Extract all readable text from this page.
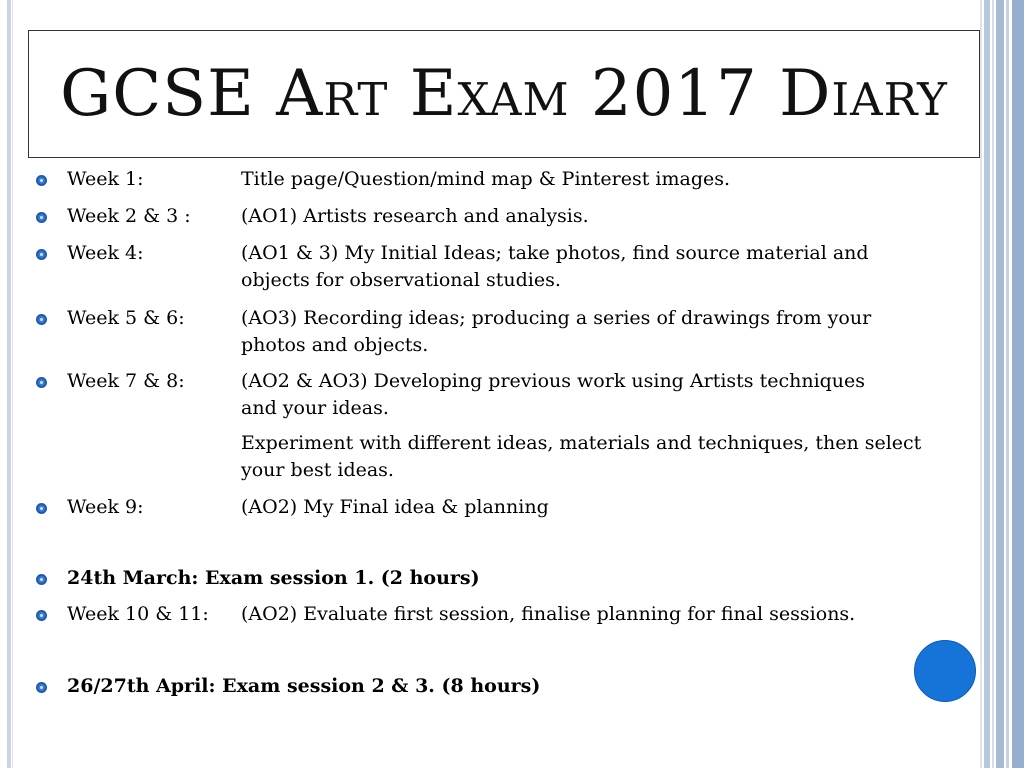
GCSE Art Exam 2017 Diary
Week 1:	Title page/Question/mind map & Pinterest images.
Week 2 & 3 :	(AO1) Artists research and analysis.
Week 4:	(AO1 & 3) My Initial Ideas; take photos, find source material and
objects for observational studies.
Week 5 & 6:	(AO3) Recording ideas; producing a series of drawings from your
photos and objects.
Week 7 & 8:	(AO2 & AO3) Developing previous work using Artists techniques
and your ideas.
Experiment with different ideas, materials and techniques, then select your best ideas.
Week 9:	(AO2) My Final idea & planning
24th March: Exam session 1. (2 hours)
Week 10 & 11: (AO2) Evaluate first session, finalise planning for final sessions.
26/27th April: Exam session 2 & 3. (8 hours)
